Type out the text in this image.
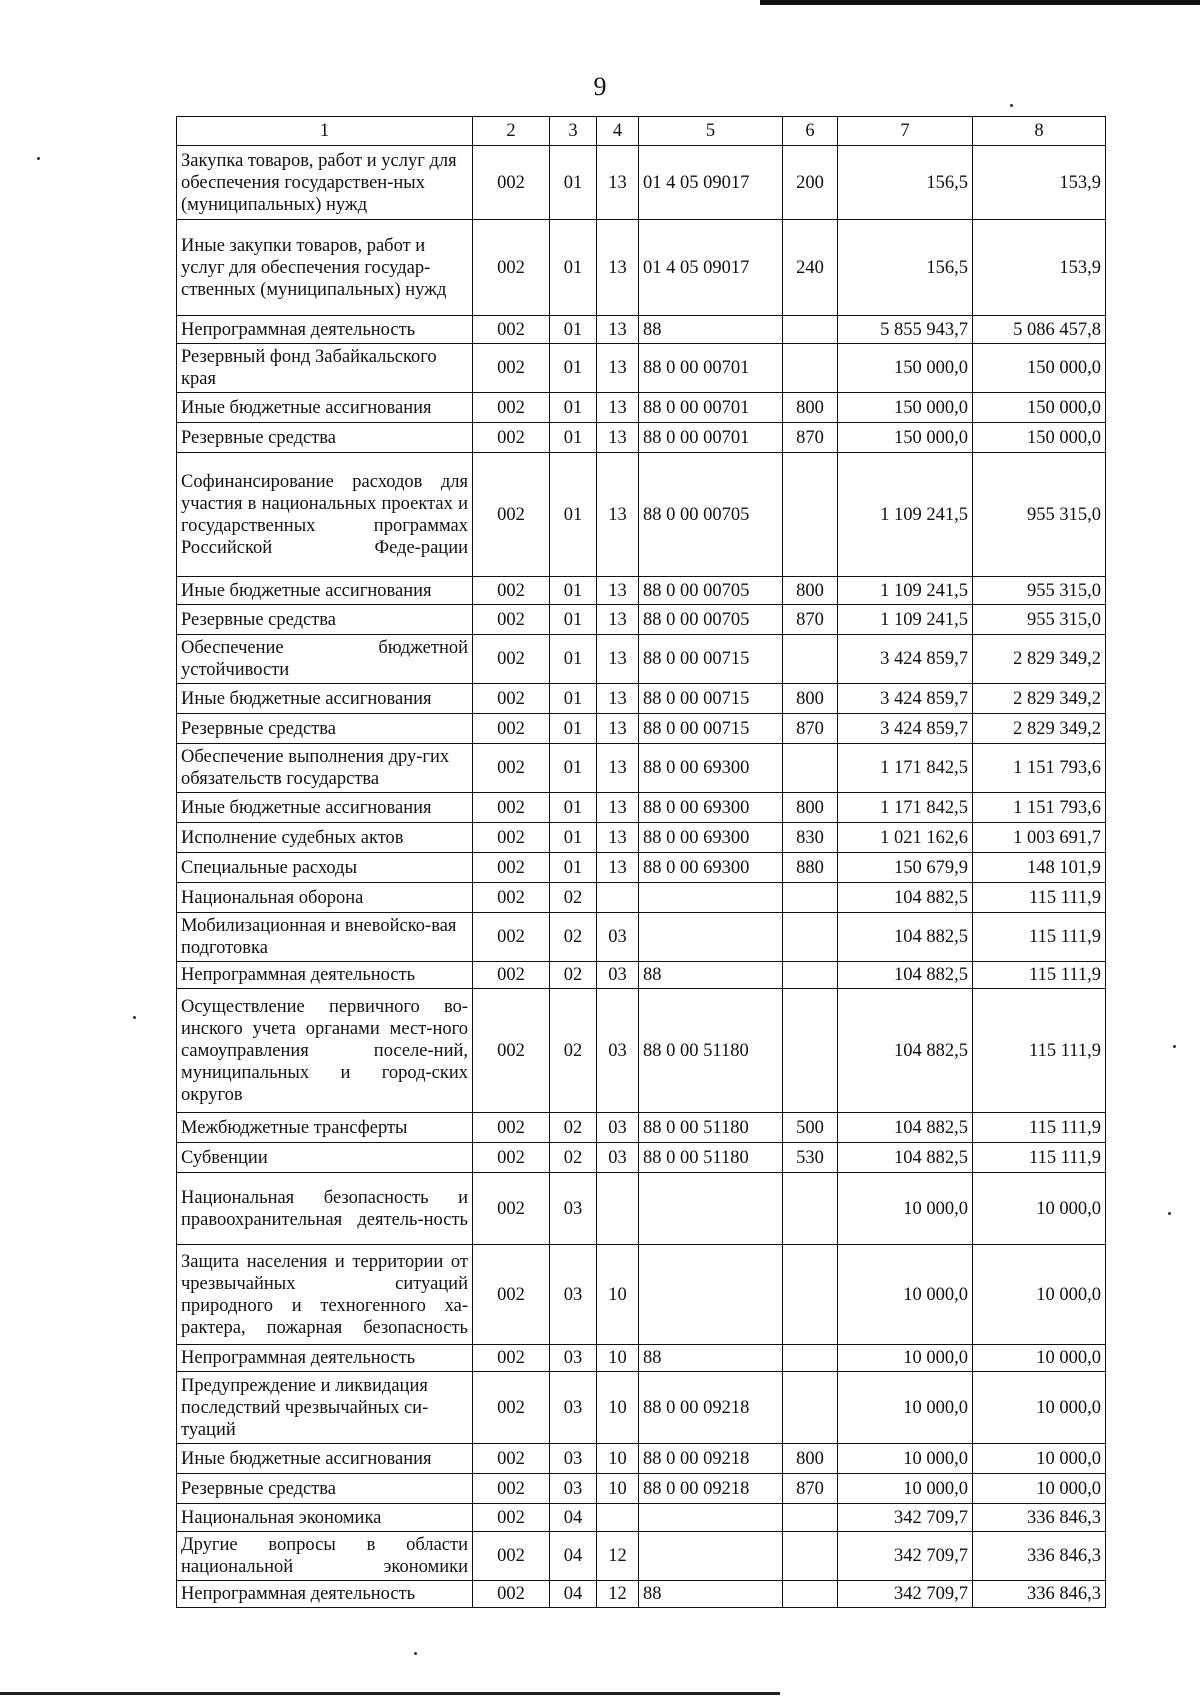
9
1	2	3	4	5	6	7	8
Закупка товаров, работ и услуг для обеспечения государствен-ных (муниципальных) нужд	002	01	13	01 4 05 09017	200	156,5	153,9
Иные закупки товаров, работ и услуг для обеспечения государ-ственных (муниципальных) нужд	002	01	13	01 4 05 09017	240	156,5	153,9
Непрограммная деятельность	002	01	13	88		5 855 943,7	5 086 457,8
Резервный фонд Забайкальского края	002	01	13	88 0 00 00701		150 000,0	150 000,0
Иные бюджетные ассигнования	002	01	13	88 0 00 00701	800	150 000,0	150 000,0
Резервные средства	002	01	13	88 0 00 00701	870	150 000,0	150 000,0
Софинансирование расходов для участия в национальных проектах и государственных программах Российской Феде-рации	002	01	13	88 0 00 00705		1 109 241,5	955 315,0
Иные бюджетные ассигнования	002	01	13	88 0 00 00705	800	1 109 241,5	955 315,0
Резервные средства	002	01	13	88 0 00 00705	870	1 109 241,5	955 315,0
Обеспечение бюджетной устойчивости	002	01	13	88 0 00 00715		3 424 859,7	2 829 349,2
Иные бюджетные ассигнования	002	01	13	88 0 00 00715	800	3 424 859,7	2 829 349,2
Резервные средства	002	01	13	88 0 00 00715	870	3 424 859,7	2 829 349,2
Обеспечение выполнения дру-гих обязательств государства	002	01	13	88 0 00 69300		1 171 842,5	1 151 793,6
Иные бюджетные ассигнования	002	01	13	88 0 00 69300	800	1 171 842,5	1 151 793,6
Исполнение судебных актов	002	01	13	88 0 00 69300	830	1 021 162,6	1 003 691,7
Специальные расходы	002	01	13	88 0 00 69300	880	150 679,9	148 101,9
Национальная оборона	002	02				104 882,5	115 111,9
Мобилизационная и вневойско-вая подготовка	002	02	03			104 882,5	115 111,9
Непрограммная деятельность	002	02	03	88		104 882,5	115 111,9
Осуществление первичного во-инского учета органами мест-ного самоуправления поселе-ний, муниципальных и город-ских округов	002	02	03	88 0 00 51180		104 882,5	115 111,9
Межбюджетные трансферты	002	02	03	88 0 00 51180	500	104 882,5	115 111,9
Субвенции	002	02	03	88 0 00 51180	530	104 882,5	115 111,9
Национальная безопасность и правоохранительная деятель-ность	002	03				10 000,0	10 000,0
Защита населения и территории от чрезвычайных ситуаций природного и техногенного ха-рактера, пожарная безопасность	002	03	10			10 000,0	10 000,0
Непрограммная деятельность	002	03	10	88		10 000,0	10 000,0
Предупреждение и ликвидация последствий чрезвычайных си-туаций	002	03	10	88 0 00 09218		10 000,0	10 000,0
Иные бюджетные ассигнования	002	03	10	88 0 00 09218	800	10 000,0	10 000,0
Резервные средства	002	03	10	88 0 00 09218	870	10 000,0	10 000,0
Национальная экономика	002	04				342 709,7	336 846,3
Другие вопросы в области национальной экономики	002	04	12			342 709,7	336 846,3
Непрограммная деятельность	002	04	12	88		342 709,7	336 846,3
